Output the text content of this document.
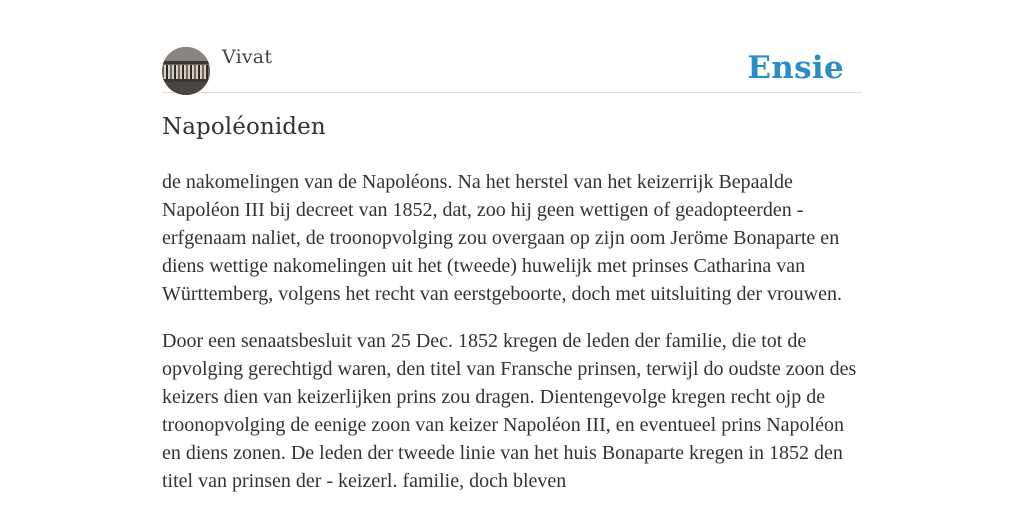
Vivat	Ensie
Napoléoniden

de nakomelingen van de Napoléons. Na het herstel van het keizerrijk Bepaalde Napoléon III bij decreet van 1852, dat, zoo hij geen wettigen of geadopteerden - erfgenaam naliet, de troonopvolging zou overgaan op zijn oom Jeröme Bonaparte en diens wettige nakomelingen uit het (tweede) huwelijk met prinses Catharina van Württemberg, volgens het recht van eerstgeboorte, doch met uitsluiting der vrouwen.

Door een senaatsbesluit van 25 Dec. 1852 kregen de leden der familie, die tot de opvolging gerechtigd waren, den titel van Fransche prinsen, terwijl do oudste zoon des keizers dien van keizerlijken prins zou dragen. Dientengevolge kregen recht ojp de troonopvolging de eenige zoon van keizer Napoléon III, en eventueel prins Napoléon en diens zonen. De leden der tweede linie van het huis Bonaparte kregen in 1852 den titel van prinsen der - keizerl. familie, doch bleven
